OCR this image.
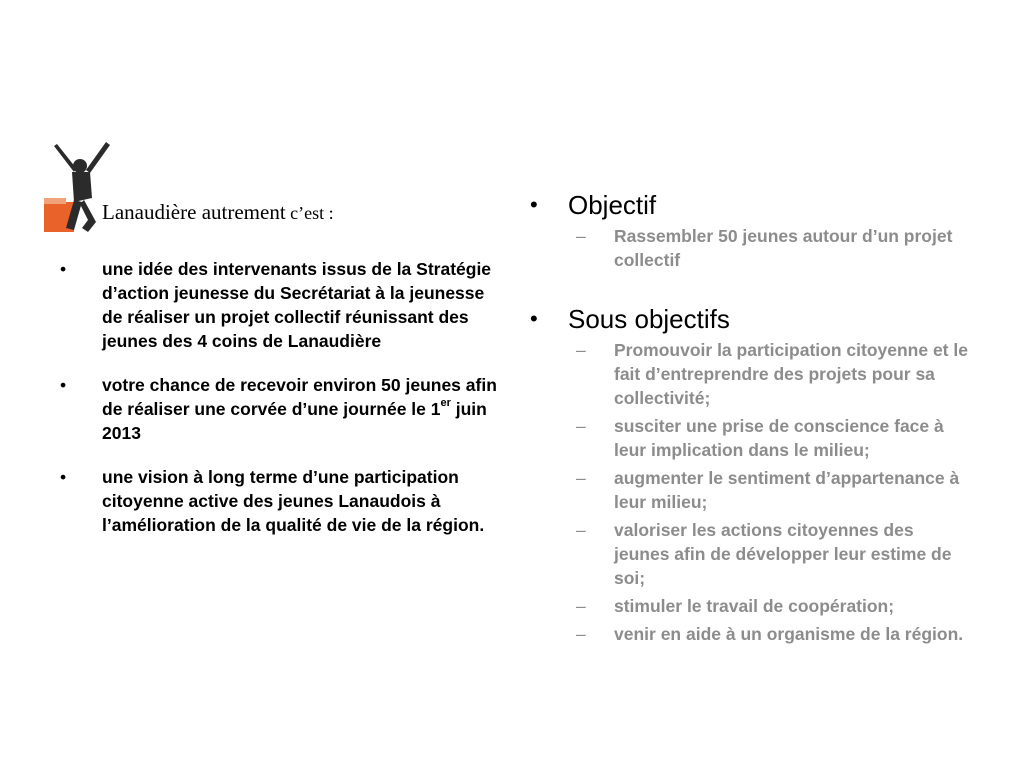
Lanaudière autrement c’est :
• une idée des intervenants issus de la Stratégie d’action jeunesse du Secrétariat à la jeunesse de réaliser un projet collectif réunissant des jeunes des 4 coins de Lanaudière
• votre chance de recevoir environ 50 jeunes afin de réaliser une corvée d’une journée le 1er juin 2013
• une vision à long terme d’une participation citoyenne active des jeunes Lanaudois à l’amélioration de la qualité de vie de la région.
• Objectif
– Rassembler 50 jeunes autour d’un projet collectif
• Sous objectifs
– Promouvoir la participation citoyenne et le fait d’entreprendre des projets pour sa collectivité;
– susciter une prise de conscience face à leur implication dans le milieu;
– augmenter le sentiment d’appartenance à leur milieu;
– valoriser les actions citoyennes des jeunes afin de développer leur estime de soi;
– stimuler le travail de coopération;
– venir en aide à un organisme de la région.
